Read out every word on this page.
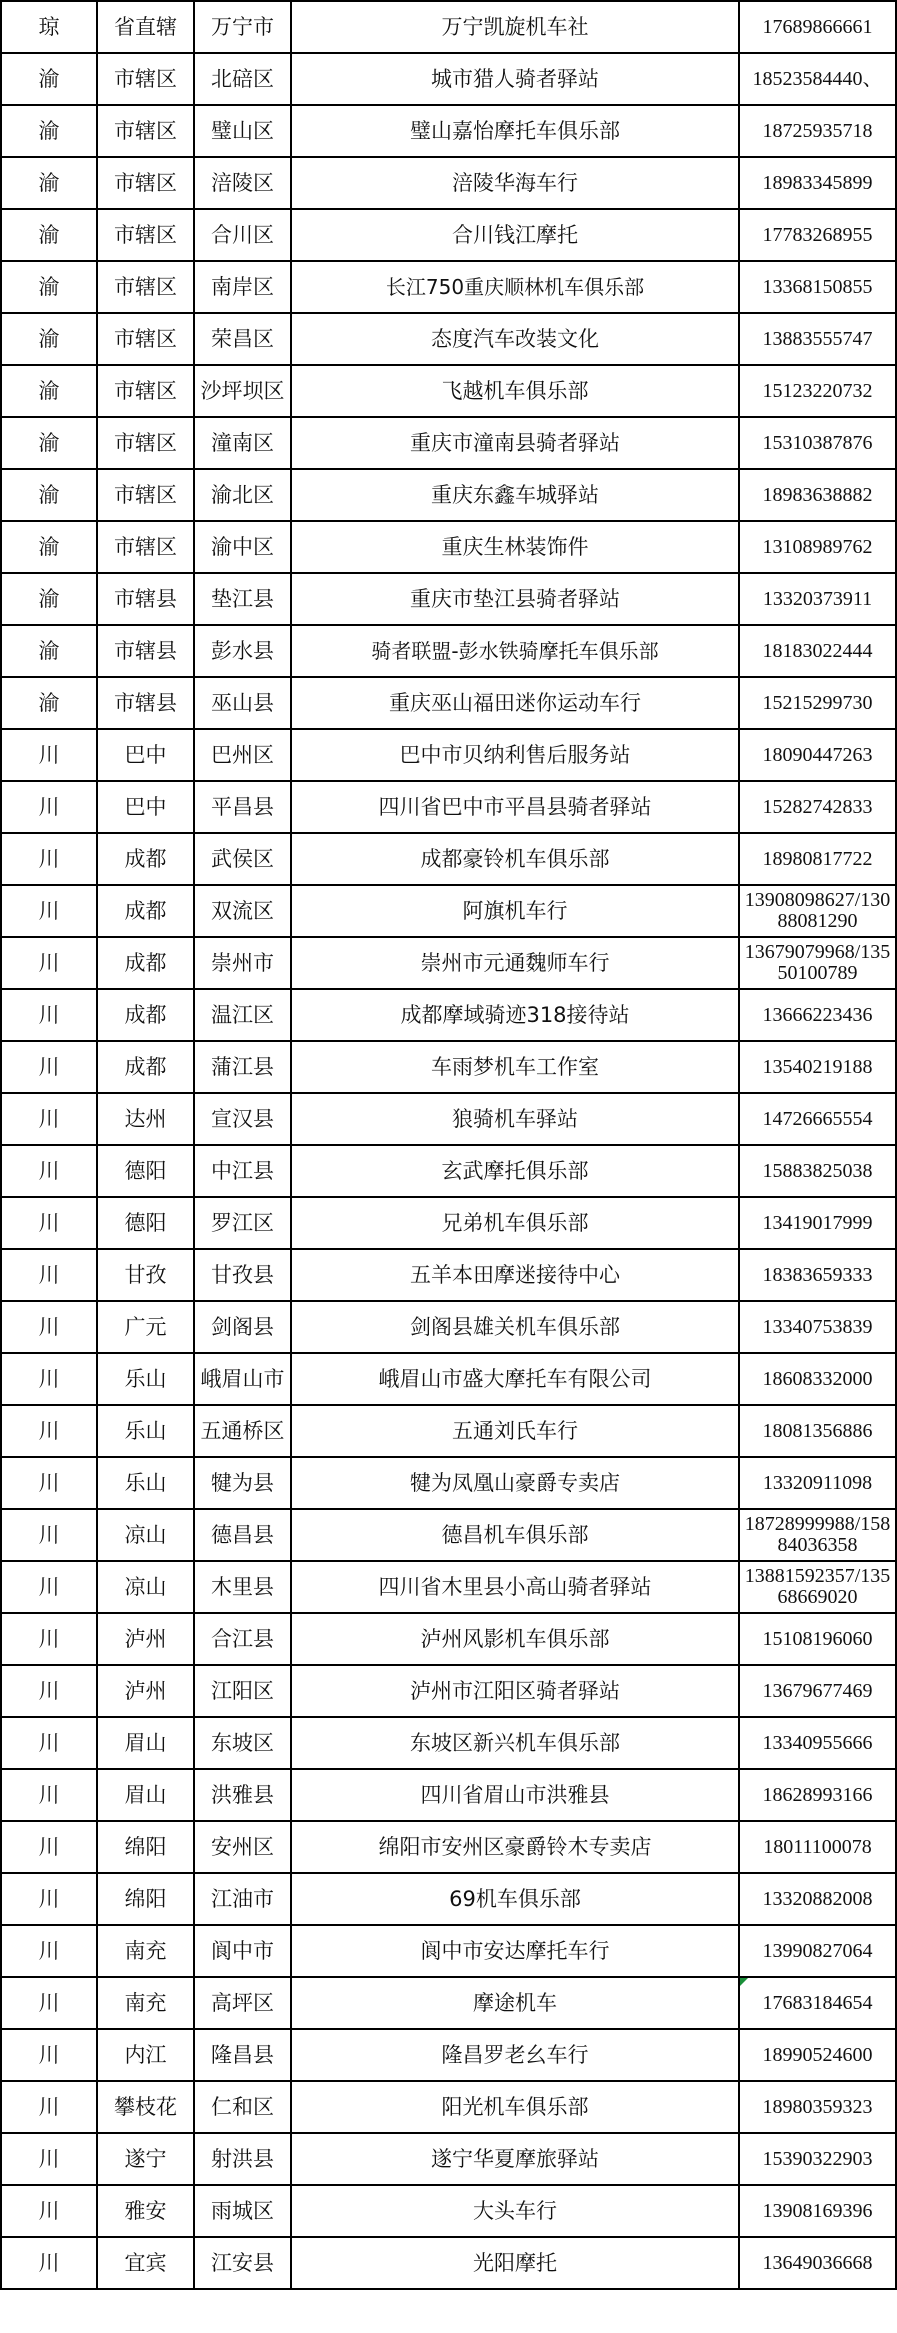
琼	省直辖	万宁市	万宁凯旋机车社	17689866661
渝	市辖区	北碚区	城市猎人骑者驿站	18523584440、
渝	市辖区	璧山区	璧山嘉怡摩托车俱乐部	18725935718
渝	市辖区	涪陵区	涪陵华海车行	18983345899
渝	市辖区	合川区	合川钱江摩托	17783268955
渝	市辖区	南岸区	长江750重庆顺林机车俱乐部	13368150855
渝	市辖区	荣昌区	态度汽车改装文化	13883555747
渝	市辖区	沙坪坝区	飞越机车俱乐部	15123220732
渝	市辖区	潼南区	重庆市潼南县骑者驿站	15310387876
渝	市辖区	渝北区	重庆东鑫车城驿站	18983638882
渝	市辖区	渝中区	重庆生林装饰件	13108989762
渝	市辖县	垫江县	重庆市垫江县骑者驿站	13320373911
渝	市辖县	彭水县	骑者联盟-彭水铁骑摩托车俱乐部	18183022444
渝	市辖县	巫山县	重庆巫山福田迷你运动车行	15215299730
川	巴中	巴州区	巴中市贝纳利售后服务站	18090447263
川	巴中	平昌县	四川省巴中市平昌县骑者驿站	15282742833
川	成都	武侯区	成都豪铃机车俱乐部	18980817722
川	成都	双流区	阿旗机车行	13908098627/13088081290
川	成都	崇州市	崇州市元通魏师车行	13679079968/13550100789
川	成都	温江区	成都摩域骑迹318接待站	13666223436
川	成都	蒲江县	车雨梦机车工作室	13540219188
川	达州	宣汉县	狼骑机车驿站	14726665554
川	德阳	中江县	玄武摩托俱乐部	15883825038
川	德阳	罗江区	兄弟机车俱乐部	13419017999
川	甘孜	甘孜县	五羊本田摩迷接待中心	18383659333
川	广元	剑阁县	剑阁县雄关机车俱乐部	13340753839
川	乐山	峨眉山市	峨眉山市盛大摩托车有限公司	18608332000
川	乐山	五通桥区	五通刘氏车行	18081356886
川	乐山	犍为县	犍为凤凰山豪爵专卖店	13320911098
川	凉山	德昌县	德昌机车俱乐部	18728999988/15884036358
川	凉山	木里县	四川省木里县小高山骑者驿站	13881592357/13568669020
川	泸州	合江县	泸州风影机车俱乐部	15108196060
川	泸州	江阳区	泸州市江阳区骑者驿站	13679677469
川	眉山	东坡区	东坡区新兴机车俱乐部	13340955666
川	眉山	洪雅县	四川省眉山市洪雅县	18628993166
川	绵阳	安州区	绵阳市安州区豪爵铃木专卖店	18011100078
川	绵阳	江油市	69机车俱乐部	13320882008
川	南充	阆中市	阆中市安达摩托车行	13990827064
川	南充	高坪区	摩途机车	17683184654
川	内江	隆昌县	隆昌罗老幺车行	18990524600
川	攀枝花	仁和区	阳光机车俱乐部	18980359323
川	遂宁	射洪县	遂宁华夏摩旅驿站	15390322903
川	雅安	雨城区	大头车行	13908169396
川	宜宾	江安县	光阳摩托	13649036668
